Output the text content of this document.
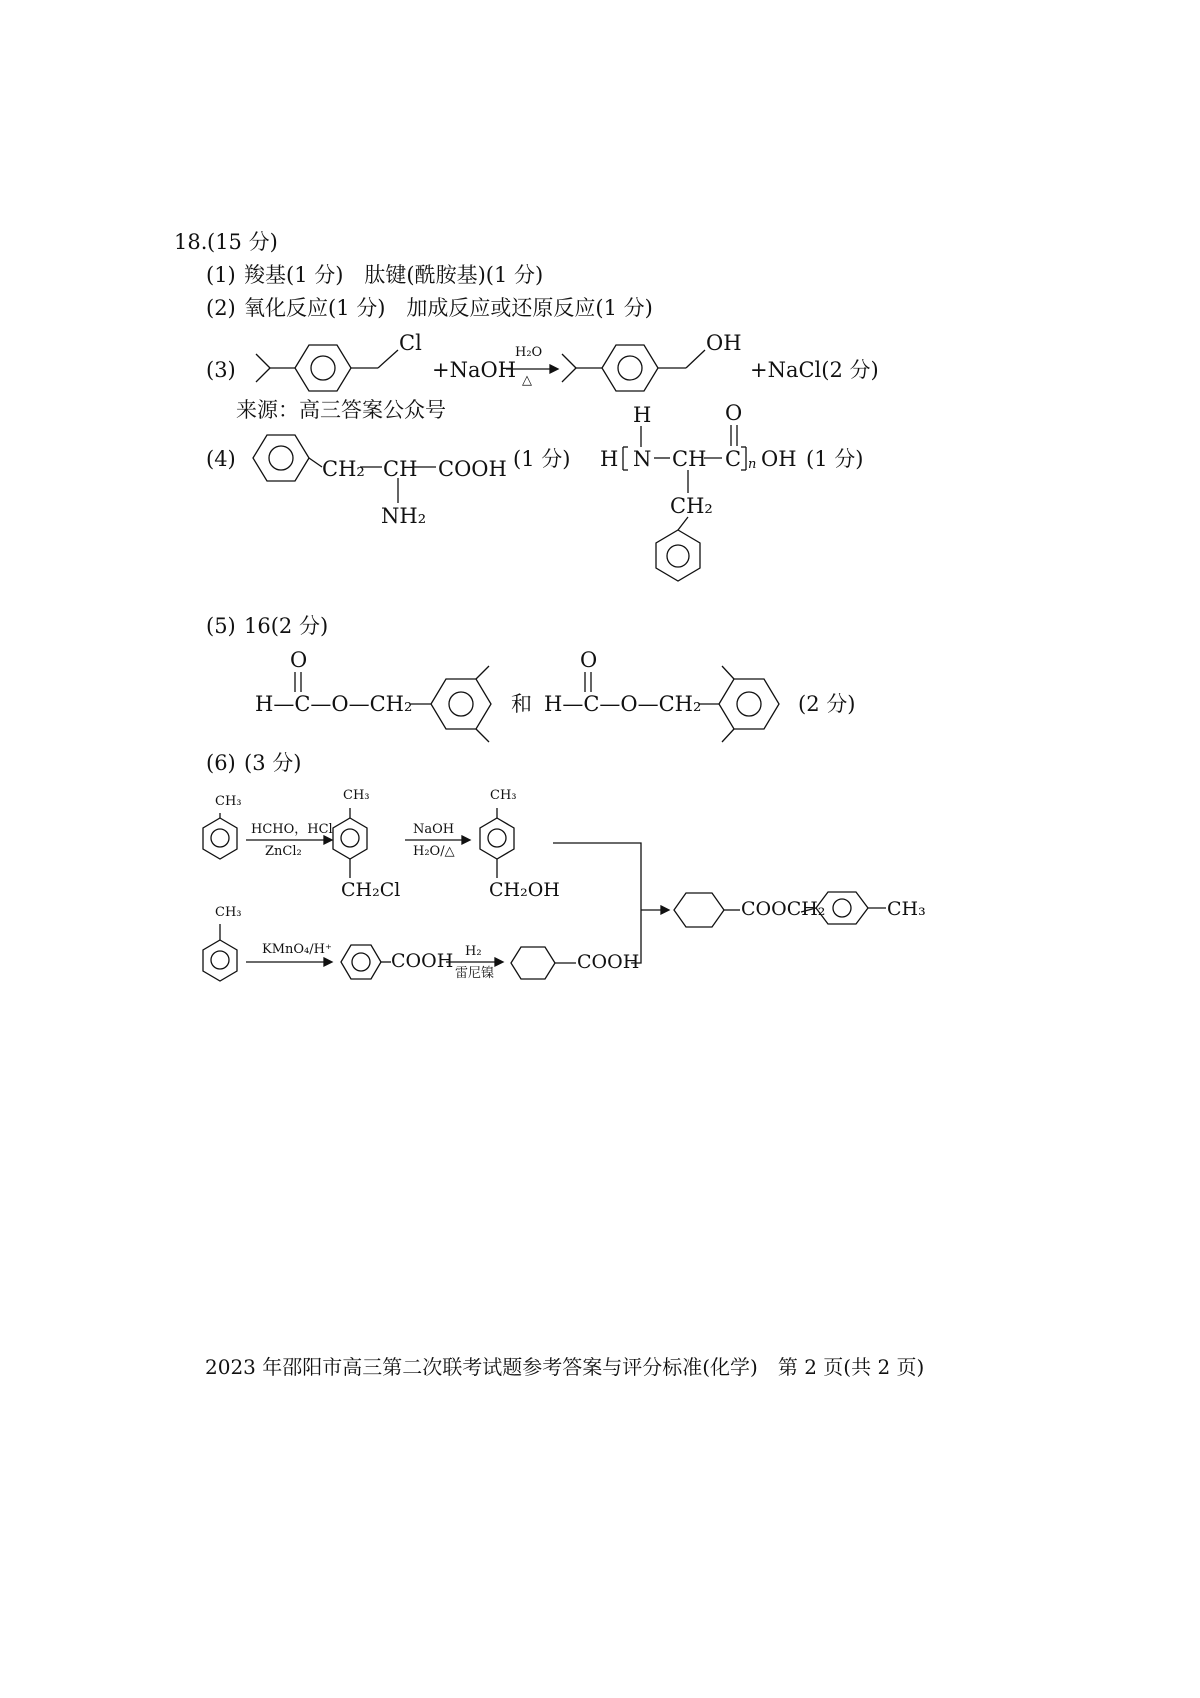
18. (15 分)
(1) 羧基(1 分)　肽键(酰胺基)(1 分)
(2) 氧化反应(1 分)　加成反应或还原反应(1 分)
(3)
Cl
+NaOH
H₂O
△
OH
+NaCl(2 分)
来源：高三答案公众号
(4)	CH₂ CH COOH
NH₂
(1 分) H
H
N CH C
O
n OH
CH₂
(1 分)
(5) 16(2 分)
O
H—C—O—CH₂	和
O
H—C—O—CH₂	(2 分)
(6) (3 分)
CH₃
HCHO，HCl
ZnCl₂
CH₃
CH₂Cl
NaOH
H₂O/△
CH₃
CH₂OH
CH₃
KMnO₄/H⁺
COOH H₂
雷尼镍
COOH
COOCH₂	CH₃
2023 年邵阳市高三第二次联考试题参考答案与评分标准(化学)　第 2 页(共 2 页)
